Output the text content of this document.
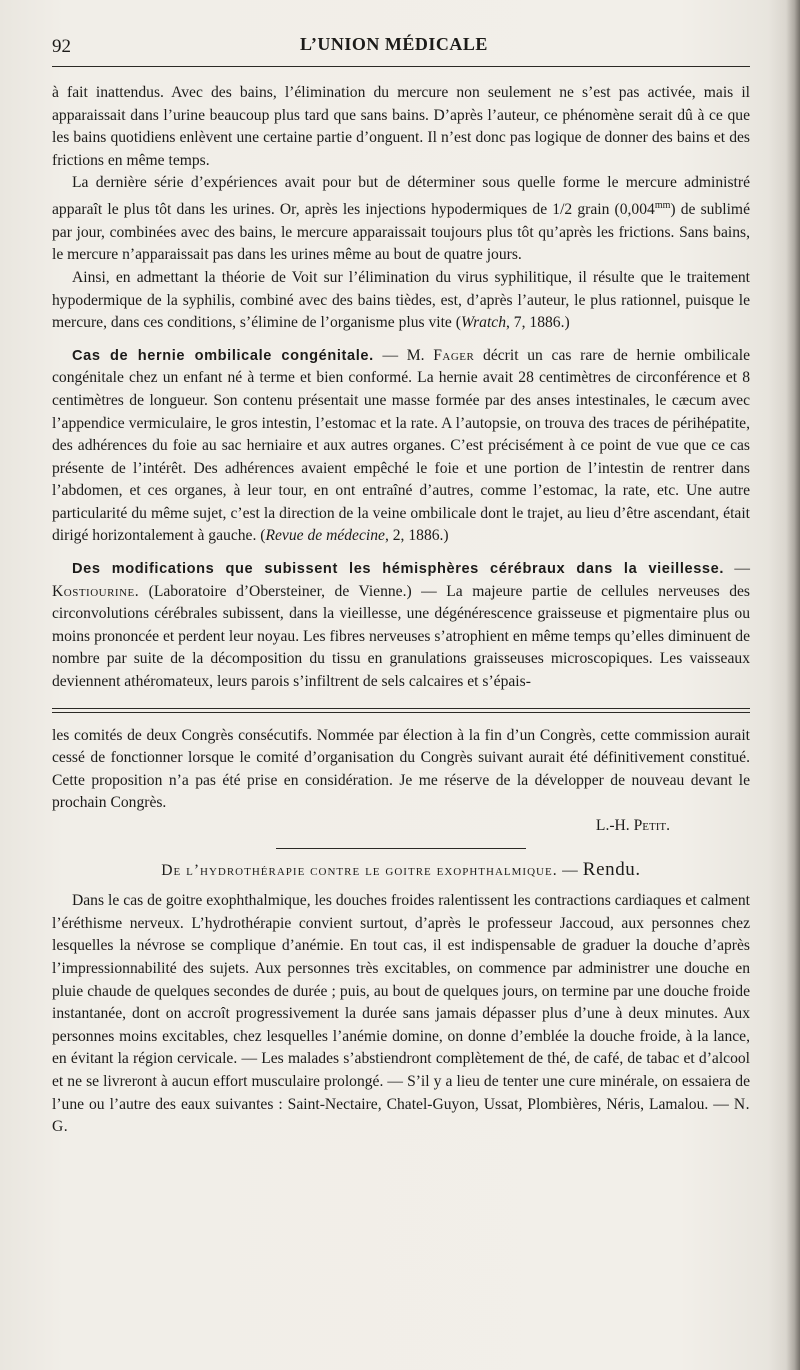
92	L’UNION MÉDICALE

à fait inattendus. Avec des bains, l’élimination du mercure non seulement ne s’est pas activée, mais il apparaissait dans l’urine beaucoup plus tard que sans bains. D’après l’auteur, ce phénomène serait dû à ce que les bains quotidiens enlèvent une certaine partie d’onguent. Il n’est donc pas logique de donner des bains et des frictions en même temps.

La dernière série d’expériences avait pour but de déterminer sous quelle forme le mercure administré apparaît le plus tôt dans les urines. Or, après les injections hypodermiques de 1/2 grain $(0,004^{mm})$ de sublimé par jour, combinées avec des bains, le mercure apparaissait toujours plus tôt qu’après les frictions. Sans bains, le mercure n’apparaissait pas dans les urines même au bout de quatre jours.

Ainsi, en admettant la théorie de Voit sur l’élimination du virus syphilitique, il résulte que le traitement hypodermique de la syphilis, combiné avec des bains tièdes, est, d’après l’auteur, le plus rationnel, puisque le mercure, dans ces conditions, s’élimine de l’organisme plus vite (Wratch, 7, 1886.)

Cas de hernie ombilicale congénitale. — M. Fager décrit un cas rare de hernie ombilicale congénitale chez un enfant né à terme et bien conformé. La hernie avait 28 centimètres de circonférence et 8 centimètres de longueur. Son contenu présentait une masse formée par des anses intestinales, le cæcum avec l’appendice vermiculaire, le gros intestin, l’estomac et la rate. A l’autopsie, on trouva des traces de périhépatite, des adhérences du foie au sac herniaire et aux autres organes. C’est précisément à ce point de vue que ce cas présente de l’intérêt. Des adhérences avaient empêché le foie et une portion de l’intestin de rentrer dans l’abdomen, et ces organes, à leur tour, en ont entraîné d’autres, comme l’estomac, la rate, etc. Une autre particularité du même sujet, c’est la direction de la veine ombilicale dont le trajet, au lieu d’être ascendant, était dirigé horizontalement à gauche. (Revue de médecine, 2, 1886.)

Des modifications que subissent les hémisphères cérébraux dans la vieillesse. — Kostiourine. (Laboratoire d’Obersteiner, de Vienne.) — La majeure partie de cellules nerveuses des circonvolutions cérébrales subissent, dans la vieillesse, une dégénérescence graisseuse et pigmentaire plus ou moins prononcée et perdent leur noyau. Les fibres nerveuses s’atrophient en même temps qu’elles diminuent de nombre par suite de la décomposition du tissu en granulations graisseuses microscopiques. Les vaisseaux deviennent athéromateux, leurs parois s’infiltrent de sels calcaires et s’épais-

les comités de deux Congrès consécutifs. Nommée par élection à la fin d’un Congrès, cette commission aurait cessé de fonctionner lorsque le comité d’organisation du Congrès suivant aurait été définitivement constitué. Cette proposition n’a pas été prise en considération. Je me réserve de la développer de nouveau devant le prochain Congrès.

L.-H. Petit.

De l’hydrothérapie contre le goitre exophthalmique. — Rendu.

Dans le cas de goitre exophthalmique, les douches froides ralentissent les contractions cardiaques et calment l’éréthisme nerveux. L’hydrothérapie convient surtout, d’après le professeur Jaccoud, aux personnes chez lesquelles la névrose se complique d’anémie. En tout cas, il est indispensable de graduer la douche d’après l’impressionnabilité des sujets. Aux personnes très excitables, on commence par administrer une douche en pluie chaude de quelques secondes de durée ; puis, au bout de quelques jours, on termine par une douche froide instantanée, dont on accroît progressivement la durée sans jamais dépasser plus d’une à deux minutes. Aux personnes moins excitables, chez lesquelles l’anémie domine, on donne d’emblée la douche froide, à la lance, en évitant la région cervicale. — Les malades s’abstiendront complètement de thé, de café, de tabac et d’alcool et ne se livreront à aucun effort musculaire prolongé. — S’il y a lieu de tenter une cure minérale, on essaiera de l’une ou l’autre des eaux suivantes : Saint-Nectaire, Chatel-Guyon, Ussat, Plombières, Néris, Lamalou. — N. G.
